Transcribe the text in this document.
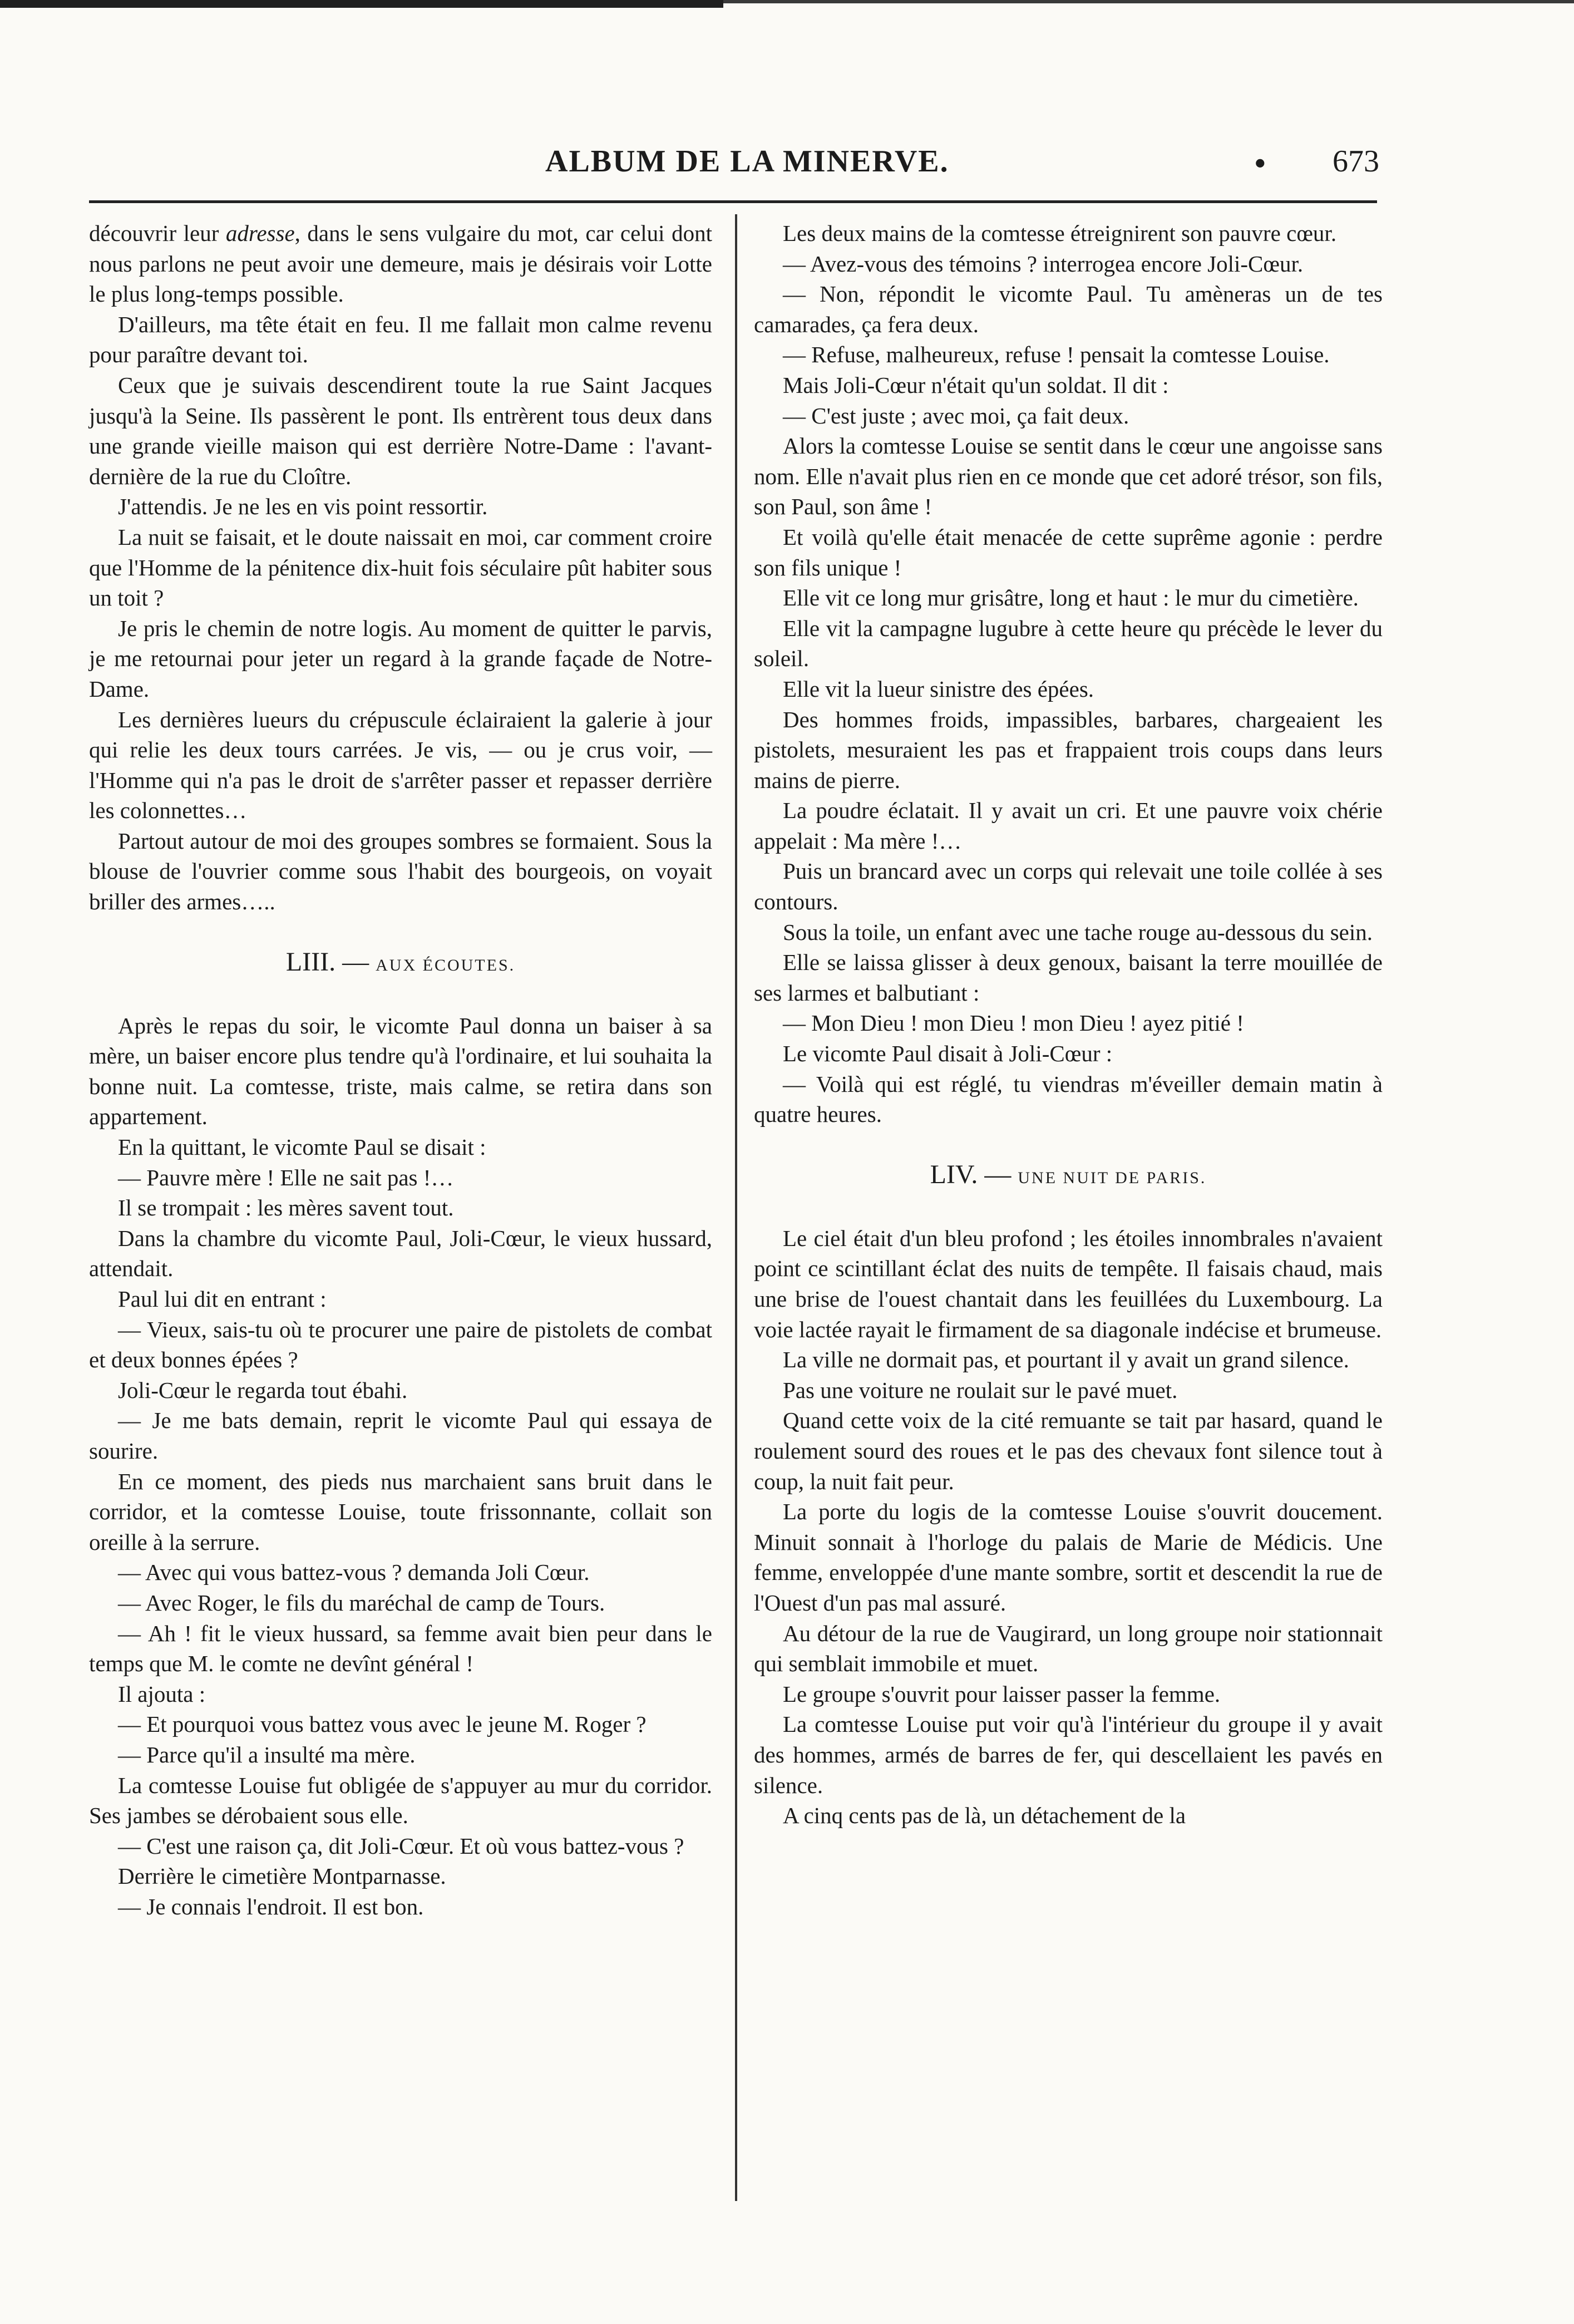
ALBUM DE LA MINERVE.	• 673

découvrir leur adresse, dans le sens vulgaire du mot, car celui dont nous parlons ne peut avoir une demeure, mais je désirais voir Lotte le plus long-temps possible.

D'ailleurs, ma tête était en feu. Il me fallait mon calme revenu pour paraître devant toi.

Ceux que je suivais descendirent toute la rue Saint Jacques jusqu'à la Seine. Ils passèrent le pont. Ils entrèrent tous deux dans une grande vieille maison qui est derrière Notre-Dame : l'avant-dernière de la rue du Cloître.

J'attendis. Je ne les en vis point ressortir.

La nuit se faisait, et le doute naissait en moi, car comment croire que l'Homme de la pénitence dix-huit fois séculaire pût habiter sous un toit ?

Je pris le chemin de notre logis. Au moment de quitter le parvis, je me retournai pour jeter un regard à la grande façade de Notre-Dame.

Les dernières lueurs du crépuscule éclairaient la galerie à jour qui relie les deux tours carrées. Je vis, — ou je crus voir, — l'Homme qui n'a pas le droit de s'arrêter passer et repasser derrière les colonnettes…

Partout autour de moi des groupes sombres se formaient. Sous la blouse de l'ouvrier comme sous l'habit des bourgeois, on voyait briller des armes…..

LIII. — AUX ÉCOUTES.

Après le repas du soir, le vicomte Paul donna un baiser à sa mère, un baiser encore plus tendre qu'à l'ordinaire, et lui souhaita la bonne nuit. La comtesse, triste, mais calme, se retira dans son appartement.

En la quittant, le vicomte Paul se disait :

— Pauvre mère ! Elle ne sait pas !…

Il se trompait : les mères savent tout.

Dans la chambre du vicomte Paul, Joli-Cœur, le vieux hussard, attendait.

Paul lui dit en entrant :

— Vieux, sais-tu où te procurer une paire de pistolets de combat et deux bonnes épées ?

Joli-Cœur le regarda tout ébahi.

— Je me bats demain, reprit le vicomte Paul qui essaya de sourire.

En ce moment, des pieds nus marchaient sans bruit dans le corridor, et la comtesse Louise, toute frissonnante, collait son oreille à la serrure.

— Avec qui vous battez-vous ? demanda Joli Cœur.

— Avec Roger, le fils du maréchal de camp de Tours.

— Ah ! fit le vieux hussard, sa femme avait bien peur dans le temps que M. le comte ne devînt général !

Il ajouta :

— Et pourquoi vous battez vous avec le jeune M. Roger ?

— Parce qu'il a insulté ma mère.

La comtesse Louise fut obligée de s'appuyer au mur du corridor. Ses jambes se dérobaient sous elle.

— C'est une raison ça, dit Joli-Cœur. Et où vous battez-vous ?

Derrière le cimetière Montparnasse.

— Je connais l'endroit. Il est bon.

Les deux mains de la comtesse étreignirent son pauvre cœur.

— Avez-vous des témoins ? interrogea encore Joli-Cœur.

— Non, répondit le vicomte Paul. Tu amèneras un de tes camarades, ça fera deux.

— Refuse, malheureux, refuse ! pensait la comtesse Louise.

Mais Joli-Cœur n'était qu'un soldat. Il dit :

— C'est juste ; avec moi, ça fait deux.

Alors la comtesse Louise se sentit dans le cœur une angoisse sans nom. Elle n'avait plus rien en ce monde que cet adoré trésor, son fils, son Paul, son âme !

Et voilà qu'elle était menacée de cette suprême agonie : perdre son fils unique !

Elle vit ce long mur grisâtre, long et haut : le mur du cimetière.

Elle vit la campagne lugubre à cette heure qu précède le lever du soleil.

Elle vit la lueur sinistre des épées.

Des hommes froids, impassibles, barbares, chargeaient les pistolets, mesuraient les pas et frappaient trois coups dans leurs mains de pierre.

La poudre éclatait. Il y avait un cri. Et une pauvre voix chérie appelait : Ma mère !…

Puis un brancard avec un corps qui relevait une toile collée à ses contours.

Sous la toile, un enfant avec une tache rouge au-dessous du sein.

Elle se laissa glisser à deux genoux, baisant la terre mouillée de ses larmes et balbutiant :

— Mon Dieu ! mon Dieu ! mon Dieu ! ayez pitié !

Le vicomte Paul disait à Joli-Cœur :

— Voilà qui est réglé, tu viendras m'éveiller demain matin à quatre heures.

LIV. — UNE NUIT DE PARIS.

Le ciel était d'un bleu profond ; les étoiles innombrales n'avaient point ce scintillant éclat des nuits de tempête. Il faisais chaud, mais une brise de l'ouest chantait dans les feuillées du Luxembourg. La voie lactée rayait le firmament de sa diagonale indécise et brumeuse.

La ville ne dormait pas, et pourtant il y avait un grand silence.

Pas une voiture ne roulait sur le pavé muet.

Quand cette voix de la cité remuante se tait par hasard, quand le roulement sourd des roues et le pas des chevaux font silence tout à coup, la nuit fait peur.

La porte du logis de la comtesse Louise s'ouvrit doucement. Minuit sonnait à l'horloge du palais de Marie de Médicis. Une femme, enveloppée d'une mante sombre, sortit et descendit la rue de l'Ouest d'un pas mal assuré.

Au détour de la rue de Vaugirard, un long groupe noir stationnait qui semblait immobile et muet.

Le groupe s'ouvrit pour laisser passer la femme.

La comtesse Louise put voir qu'à l'intérieur du groupe il y avait des hommes, armés de barres de fer, qui descellaient les pavés en silence.

A cinq cents pas de là, un détachement de la
